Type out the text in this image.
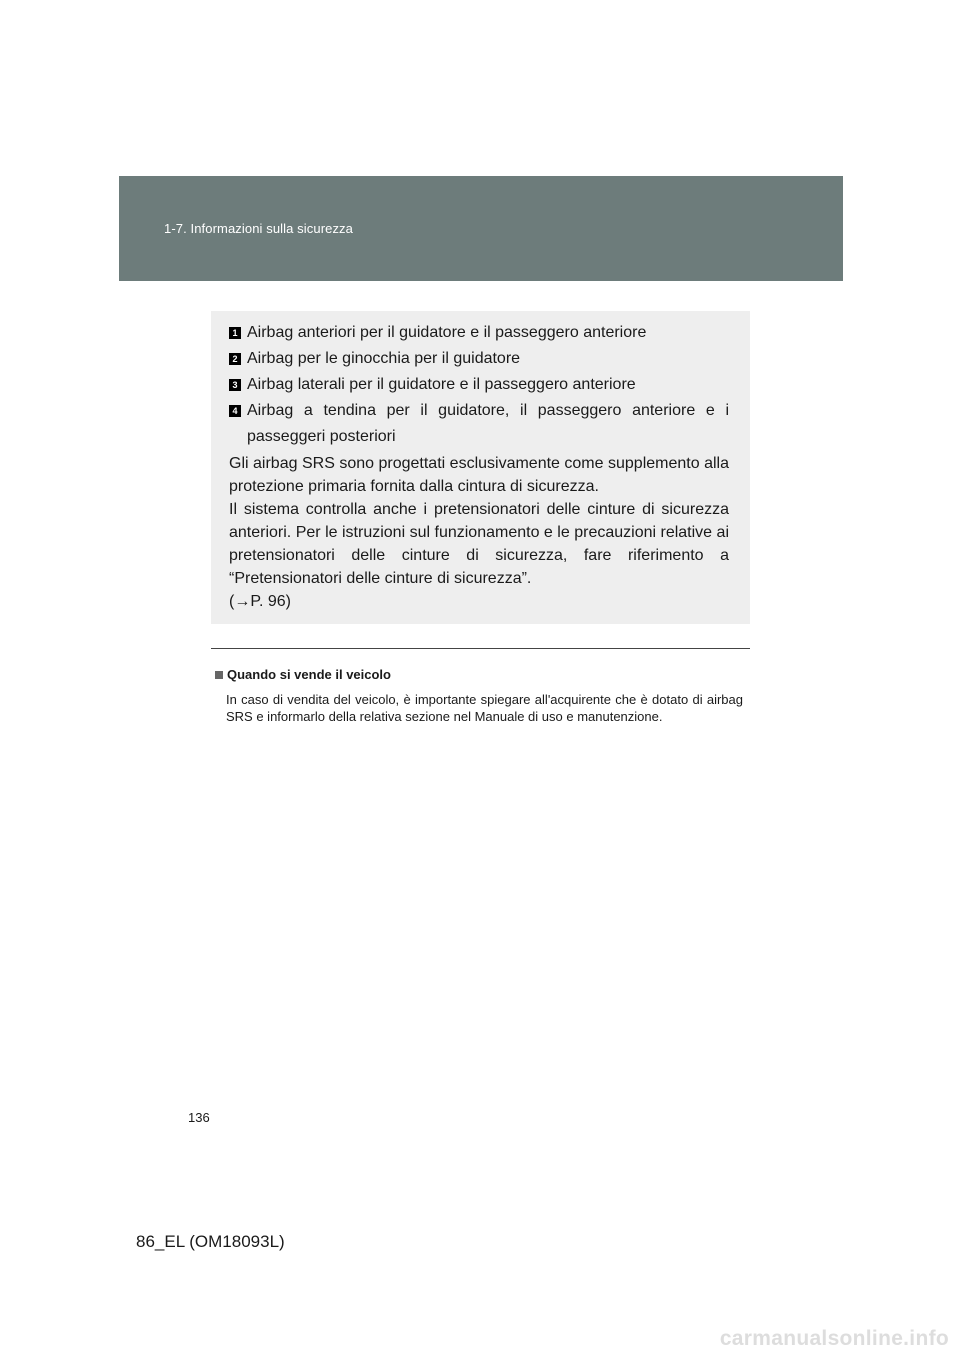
1-7. Informazioni sulla sicurezza
1 Airbag anteriori per il guidatore e il passeggero anteriore
2 Airbag per le ginocchia per il guidatore
3 Airbag laterali per il guidatore e il passeggero anteriore
4 Airbag a tendina per il guidatore, il passeggero anteriore e i passeggeri posteriori
Gli airbag SRS sono progettati esclusivamente come supplemento alla protezione primaria fornita dalla cintura di sicurezza.
Il sistema controlla anche i pretensionatori delle cinture di sicurezza anteriori. Per le istruzioni sul funzionamento e le precauzioni relative ai pretensionatori delle cinture di sicurezza, fare riferimento a “Pretensionatori delle cinture di sicurezza”.
(→P. 96)
Quando si vende il veicolo
In caso di vendita del veicolo, è importante spiegare all'acquirente che è dotato di airbag SRS e informarlo della relativa sezione nel Manuale di uso e manutenzione.
136
86_EL (OM18093L)
carmanualsonline.info
